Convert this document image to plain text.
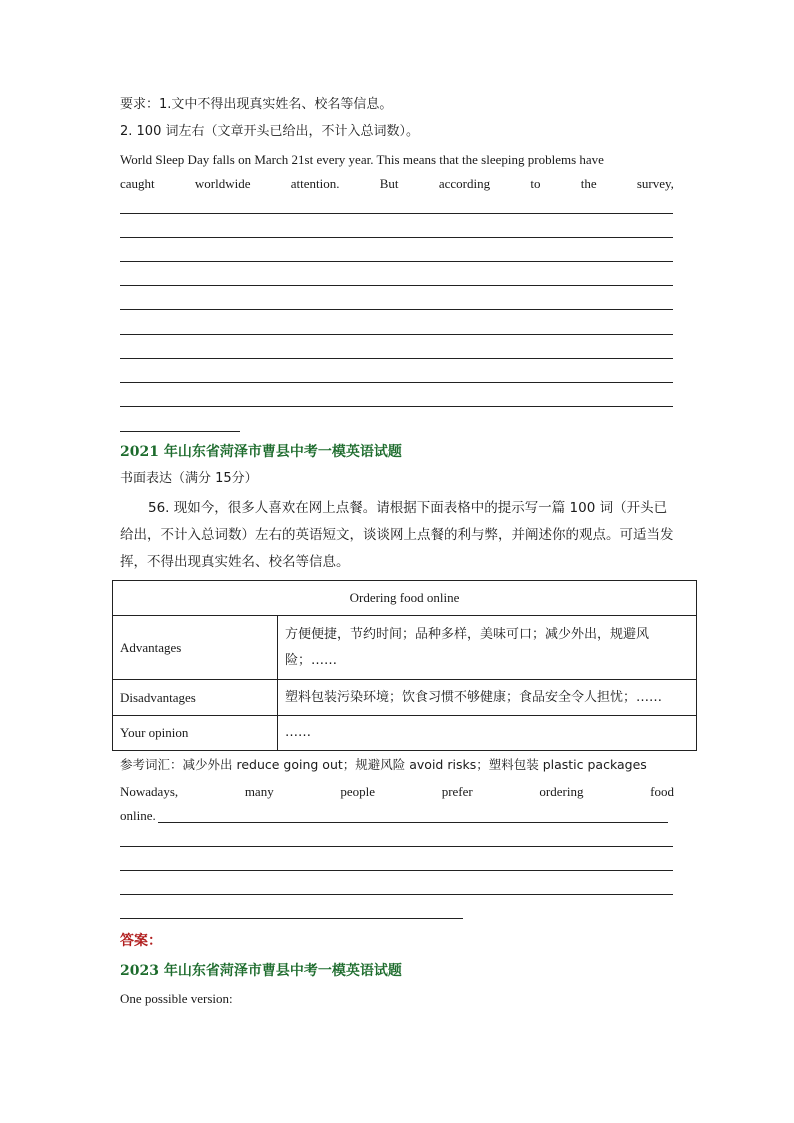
要求：1.文中不得出现真实姓名、校名等信息。
2. 100 词左右（文章开头已给出，不计入总词数）。
World Sleep Day falls on March 21st every year. This means that the sleeping problems have
caught	worldwide	attention.	But	according	to	the	survey,
2021 年山东省菏泽市曹县中考一模英语试题
书面表达（满分 15分）
56. 现如今，很多人喜欢在网上点餐。请根据下面表格中的提示写一篇 100 词（开头已给出，不计入总词数）左右的英语短文，谈谈网上点餐的利与弊，并阐述你的观点。可适当发挥，不得出现真实姓名、校名等信息。
Ordering food online	
Advantages	方便便捷，节约时间；品种多样，美味可口；减少外出，规避风险；……
Disadvantages	塑料包装污染环境；饮食习惯不够健康；食品安全令人担忧；……
Your opinion	……
参考词汇：减少外出 reduce going out；规避风险 avoid risks；塑料包装 plastic packages
Nowadays,	many	people	prefer	ordering	food
online.
答案：
2023 年山东省菏泽市曹县中考一模英语试题
One possible version:
